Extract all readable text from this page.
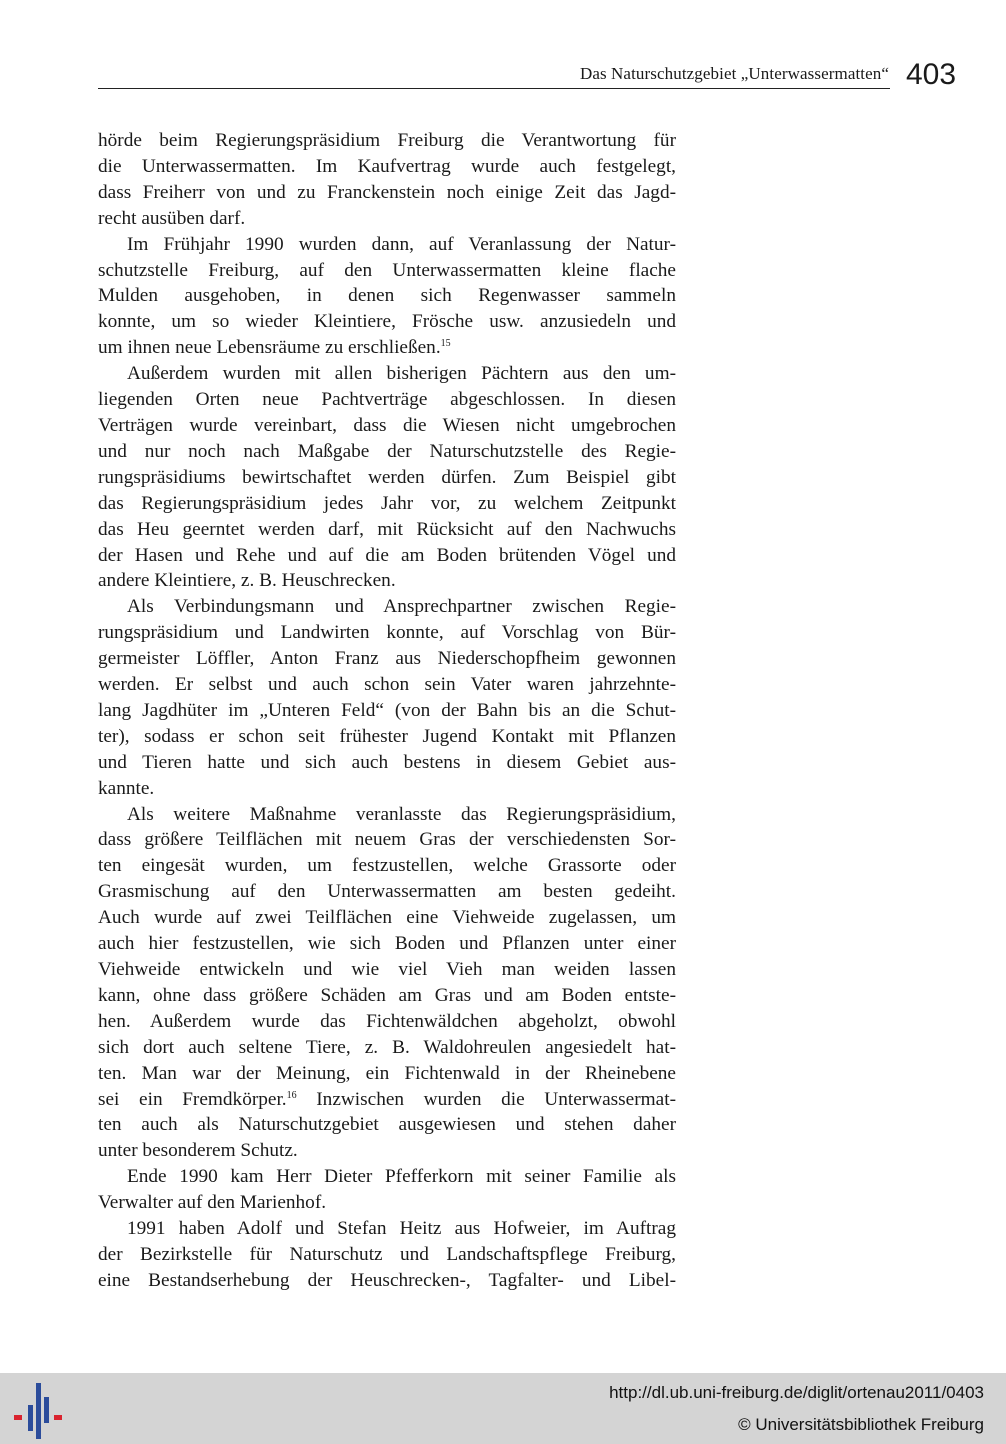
Das Naturschutzgebiet „Unterwassermatten“ 403

hörde beim Regierungspräsidium Freiburg die Verantwortung für

die Unterwassermatten. Im Kaufvertrag wurde auch festgelegt,

dass Freiherr von und zu Franckenstein noch einige Zeit das Jagd-

recht ausüben darf.

Im Frühjahr 1990 wurden dann, auf Veranlassung der Natur-

schutzstelle Freiburg, auf den Unterwassermatten kleine flache

Mulden ausgehoben, in denen sich Regenwasser sammeln

konnte, um so wieder Kleintiere, Frösche usw. anzusiedeln und

um ihnen neue Lebensräume zu erschließen.$^{15}$

Außerdem wurden mit allen bisherigen Pächtern aus den um-

liegenden Orten neue Pachtverträge abgeschlossen. In diesen

Verträgen wurde vereinbart, dass die Wiesen nicht umgebrochen

und nur noch nach Maßgabe der Naturschutzstelle des Regie-

rungspräsidiums bewirtschaftet werden dürfen. Zum Beispiel gibt

das Regierungspräsidium jedes Jahr vor, zu welchem Zeitpunkt

das Heu geerntet werden darf, mit Rücksicht auf den Nachwuchs

der Hasen und Rehe und auf die am Boden brütenden Vögel und

andere Kleintiere, z. B. Heuschrecken.

Als Verbindungsmann und Ansprechpartner zwischen Regie-

rungspräsidium und Landwirten konnte, auf Vorschlag von Bür-

germeister Löffler, Anton Franz aus Niederschopfheim gewonnen

werden. Er selbst und auch schon sein Vater waren jahrzehnte-

lang Jagdhüter im „Unteren Feld“ (von der Bahn bis an die Schut-

ter), sodass er schon seit frühester Jugend Kontakt mit Pflanzen

und Tieren hatte und sich auch bestens in diesem Gebiet aus-

kannte.

Als weitere Maßnahme veranlasste das Regierungspräsidium,

dass größere Teilflächen mit neuem Gras der verschiedensten Sor-

ten eingesät wurden, um festzustellen, welche Grassorte oder

Grasmischung auf den Unterwassermatten am besten gedeiht.

Auch wurde auf zwei Teilflächen eine Viehweide zugelassen, um

auch hier festzustellen, wie sich Boden und Pflanzen unter einer

Viehweide entwickeln und wie viel Vieh man weiden lassen

kann, ohne dass größere Schäden am Gras und am Boden entste-

hen. Außerdem wurde das Fichtenwäldchen abgeholzt, obwohl

sich dort auch seltene Tiere, z. B. Waldohreulen angesiedelt hat-

ten. Man war der Meinung, ein Fichtenwald in der Rheinebene

sei ein Fremdkörper.$^{16}$ Inzwischen wurden die Unterwassermat-

ten auch als Naturschutzgebiet ausgewiesen und stehen daher

unter besonderem Schutz.

Ende 1990 kam Herr Dieter Pfefferkorn mit seiner Familie als

Verwalter auf den Marienhof.

1991 haben Adolf und Stefan Heitz aus Hofweier, im Auftrag

der Bezirkstelle für Naturschutz und Landschaftspflege Freiburg,

eine Bestandserhebung der Heuschrecken-, Tagfalter- und Libel-

http://dl.ub.uni-freiburg.de/diglit/ortenau2011/0403
© Universitätsbibliothek Freiburg
